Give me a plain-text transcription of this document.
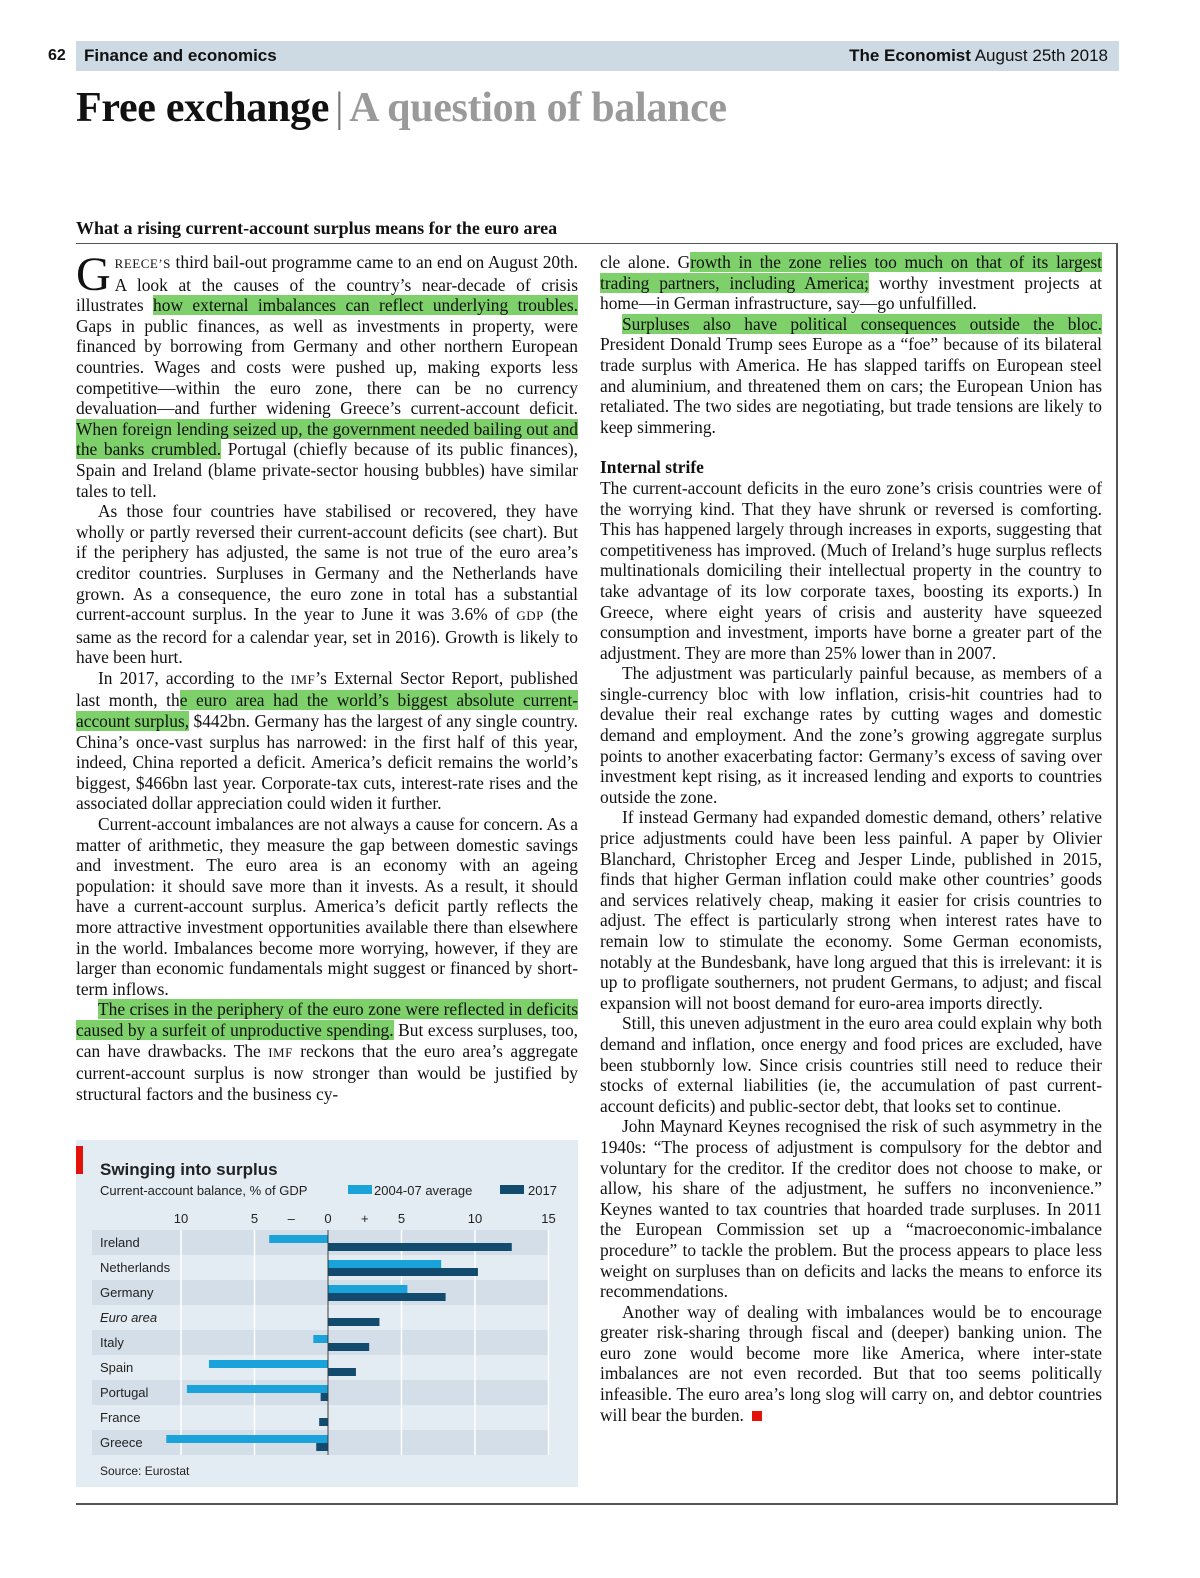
62 Finance and economics	The Economist August 25th 2018
Free exchange | A question of balance
What a rising current-account surplus means for the euro area

GREECE’S third bail-out programme came to an end on August 20th. A look at the causes of the country’s near-decade of crisis illustrates how external imbalances can reflect underlying troubles. Gaps in public finances, as well as investments in property, were financed by borrowing from Germany and other northern European countries. Wages and costs were pushed up, making exports less competitive—within the euro zone, there can be no currency devaluation—and further widening Greece’s current-account deficit. When foreign lending seized up, the government needed bailing out and the banks crumbled. Portugal (chiefly because of its public finances), Spain and Ireland (blame private-sector housing bubbles) have similar tales to tell.

As those four countries have stabilised or recovered, they have wholly or partly reversed their current-account deficits (see chart). But if the periphery has adjusted, the same is not true of the euro area’s creditor countries. Surpluses in Germany and the Netherlands have grown. As a consequence, the euro zone in total has a substantial current-account surplus. In the year to June it was 3.6% of GDP (the same as the record for a calendar year, set in 2016). Growth is likely to have been hurt.

In 2017, according to the IMF’s External Sector Report, published last month, the euro area had the world’s biggest absolute current-account surplus, $442bn. Germany has the largest of any single country. China’s once-vast surplus has narrowed: in the first half of this year, indeed, China reported a deficit. America’s deficit remains the world’s biggest, $466bn last year. Corporate-tax cuts, interest-rate rises and the associated dollar appreciation could widen it further.

Current-account imbalances are not always a cause for concern. As a matter of arithmetic, they measure the gap between domestic savings and investment. The euro area is an economy with an ageing population: it should save more than it invests. As a result, it should have a current-account surplus. America’s deficit partly reflects the more attractive investment opportunities available there than elsewhere in the world. Imbalances become more worrying, however, if they are larger than economic fundamentals might suggest or financed by short-term inflows.

The crises in the periphery of the euro zone were reflected in deficits caused by a surfeit of unproductive spending. But excess surpluses, too, can have drawbacks. The IMF reckons that the euro area’s aggregate current-account surplus is now stronger than would be justified by structural factors and the business cy-

cle alone. Growth in the zone relies too much on that of its largest trading partners, including America; worthy investment projects at home—in German infrastructure, say—go unfulfilled.

Surpluses also have political consequences outside the bloc. President Donald Trump sees Europe as a “foe” because of its bilateral trade surplus with America. He has slapped tariffs on European steel and aluminium, and threatened them on cars; the European Union has retaliated. The two sides are negotiating, but trade tensions are likely to keep simmering.

Internal strife

The current-account deficits in the euro zone’s crisis countries were of the worrying kind. That they have shrunk or reversed is comforting. This has happened largely through increases in exports, suggesting that competitiveness has improved. (Much of Ireland’s huge surplus reflects multinationals domiciling their intellectual property in the country to take advantage of its low corporate taxes, boosting its exports.) In Greece, where eight years of crisis and austerity have squeezed consumption and investment, imports have borne a greater part of the adjustment. They are more than 25% lower than in 2007.

The adjustment was particularly painful because, as members of a single-currency bloc with low inflation, crisis-hit countries had to devalue their real exchange rates by cutting wages and domestic demand and employment. And the zone’s growing aggregate surplus points to another exacerbating factor: Germany’s excess of saving over investment kept rising, as it increased lending and exports to countries outside the zone.

If instead Germany had expanded domestic demand, others’ relative price adjustments could have been less painful. A paper by Olivier Blanchard, Christopher Erceg and Jesper Linde, published in 2015, finds that higher German inflation could make other countries’ goods and services relatively cheap, making it easier for crisis countries to adjust. The effect is particularly strong when interest rates have to remain low to stimulate the economy. Some German economists, notably at the Bundesbank, have long argued that this is irrelevant: it is up to profligate southerners, not prudent Germans, to adjust; and fiscal expansion will not boost demand for euro-area imports directly.

Still, this uneven adjustment in the euro area could explain why both demand and inflation, once energy and food prices are excluded, have been stubbornly low. Since crisis countries still need to reduce their stocks of external liabilities (ie, the accumulation of past current-account deficits) and public-sector debt, that looks set to continue.

John Maynard Keynes recognised the risk of such asymmetry in the 1940s: “The process of adjustment is compulsory for the debtor and voluntary for the creditor. If the creditor does not choose to make, or allow, his share of the adjustment, he suffers no inconvenience.” Keynes wanted to tax countries that hoarded trade surpluses. In 2011 the European Commission set up a “macroeconomic-imbalance procedure” to tackle the problem. But the process appears to place less weight on surpluses than on deficits and lacks the means to enforce its recommendations.

Another way of dealing with imbalances would be to encourage greater risk-sharing through fiscal and (deeper) banking union. The euro zone would become more like America, where inter-state imbalances are not even recorded. But that too seems politically infeasible. The euro area’s long slog will carry on, and debtor countries will bear the burden.

Swinging into surplus
Current-account balance, % of GDP	2004-07 average	2017
10	5 – 0 + 5	10	15
Ireland
Netherlands
Germany
Euro area
Italy
Spain
Portugal
France
Greece
Source: Eurostat
